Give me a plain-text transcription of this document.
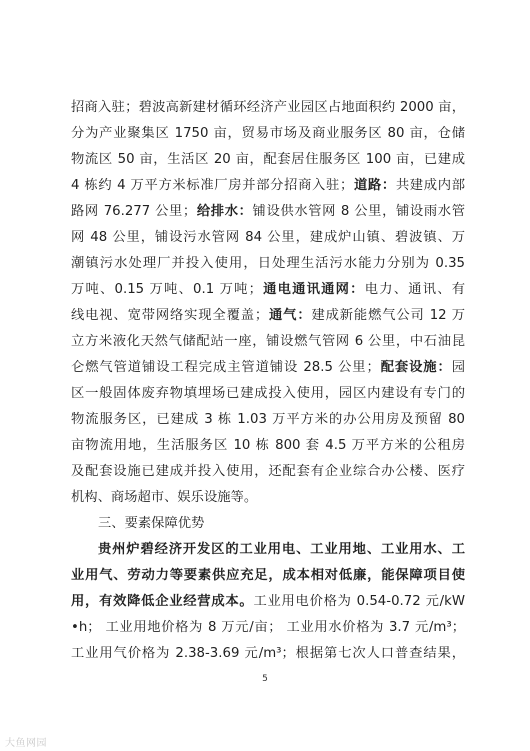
招商入驻；碧波高新建材循环经济产业园区占地面积约 2000 亩，
分为产业聚集区 1750 亩，贸易市场及商业服务区 80 亩，仓储
物流区 50 亩，生活区 20 亩，配套居住服务区 100 亩，已建成
4 栋约 4 万平方米标准厂房并部分招商入驻；道路：共建成内部
路网 76.277 公里；给排水：铺设供水管网 8 公里，铺设雨水管
网 48 公里，铺设污水管网 84 公里，建成炉山镇、碧波镇、万
潮镇污水处理厂并投入使用，日处理生活污水能力分别为 0.35
万吨、0.15 万吨、0.1 万吨；通电通讯通网：电力、通讯、有
线电视、宽带网络实现全覆盖；通气：建成新能燃气公司 12 万
立方米液化天然气储配站一座，铺设燃气管网 6 公里，中石油昆
仑燃气管道铺设工程完成主管道铺设 28.5 公里；配套设施：园
区一般固体废弃物填埋场已建成投入使用，园区内建设有专门的
物流服务区，已建成 3 栋 1.03 万平方米的办公用房及预留 80
亩物流用地，生活服务区 10 栋 800 套 4.5 万平方米的公租房
及配套设施已建成并投入使用，还配套有企业综合办公楼、医疗
机构、商场超市、娱乐设施等。
三、要素保障优势
贵州炉碧经济开发区的工业用电、工业用地、工业用水、工
业用气、劳动力等要素供应充足，成本相对低廉，能保障项目使
用，有效降低企业经营成本。工业用电价格为 0.54-0.72 元/kW
•h； 工业用地价格为 8 万元/亩； 工业用水价格为 3.7 元/m³；
工业用气价格为 2.38-3.69 元/m³；根据第七次人口普查结果，
5
大鱼网园
